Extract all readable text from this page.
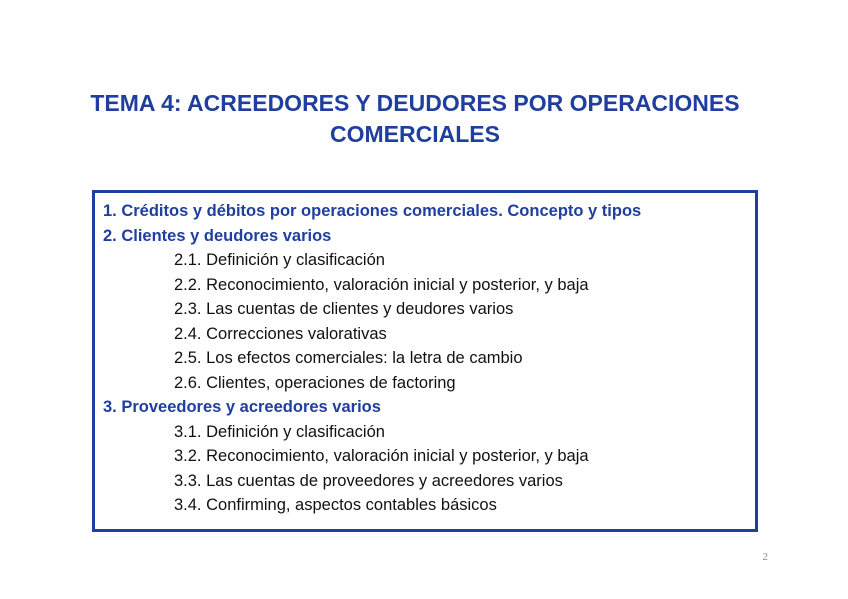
TEMA 4: ACREEDORES Y DEUDORES POR OPERACIONES
COMERCIALES
1. Créditos y débitos por operaciones comerciales. Concepto y tipos
2. Clientes y deudores varios
2.1. Definición y clasificación
2.2. Reconocimiento, valoración inicial y posterior, y baja
2.3. Las cuentas de clientes y deudores varios
2.4. Correcciones valorativas
2.5. Los efectos comerciales: la letra de cambio
2.6. Clientes, operaciones de factoring
3. Proveedores y acreedores varios
3.1. Definición y clasificación
3.2. Reconocimiento, valoración inicial y posterior, y baja
3.3. Las cuentas de proveedores y acreedores varios
3.4. Confirming, aspectos contables básicos
2
